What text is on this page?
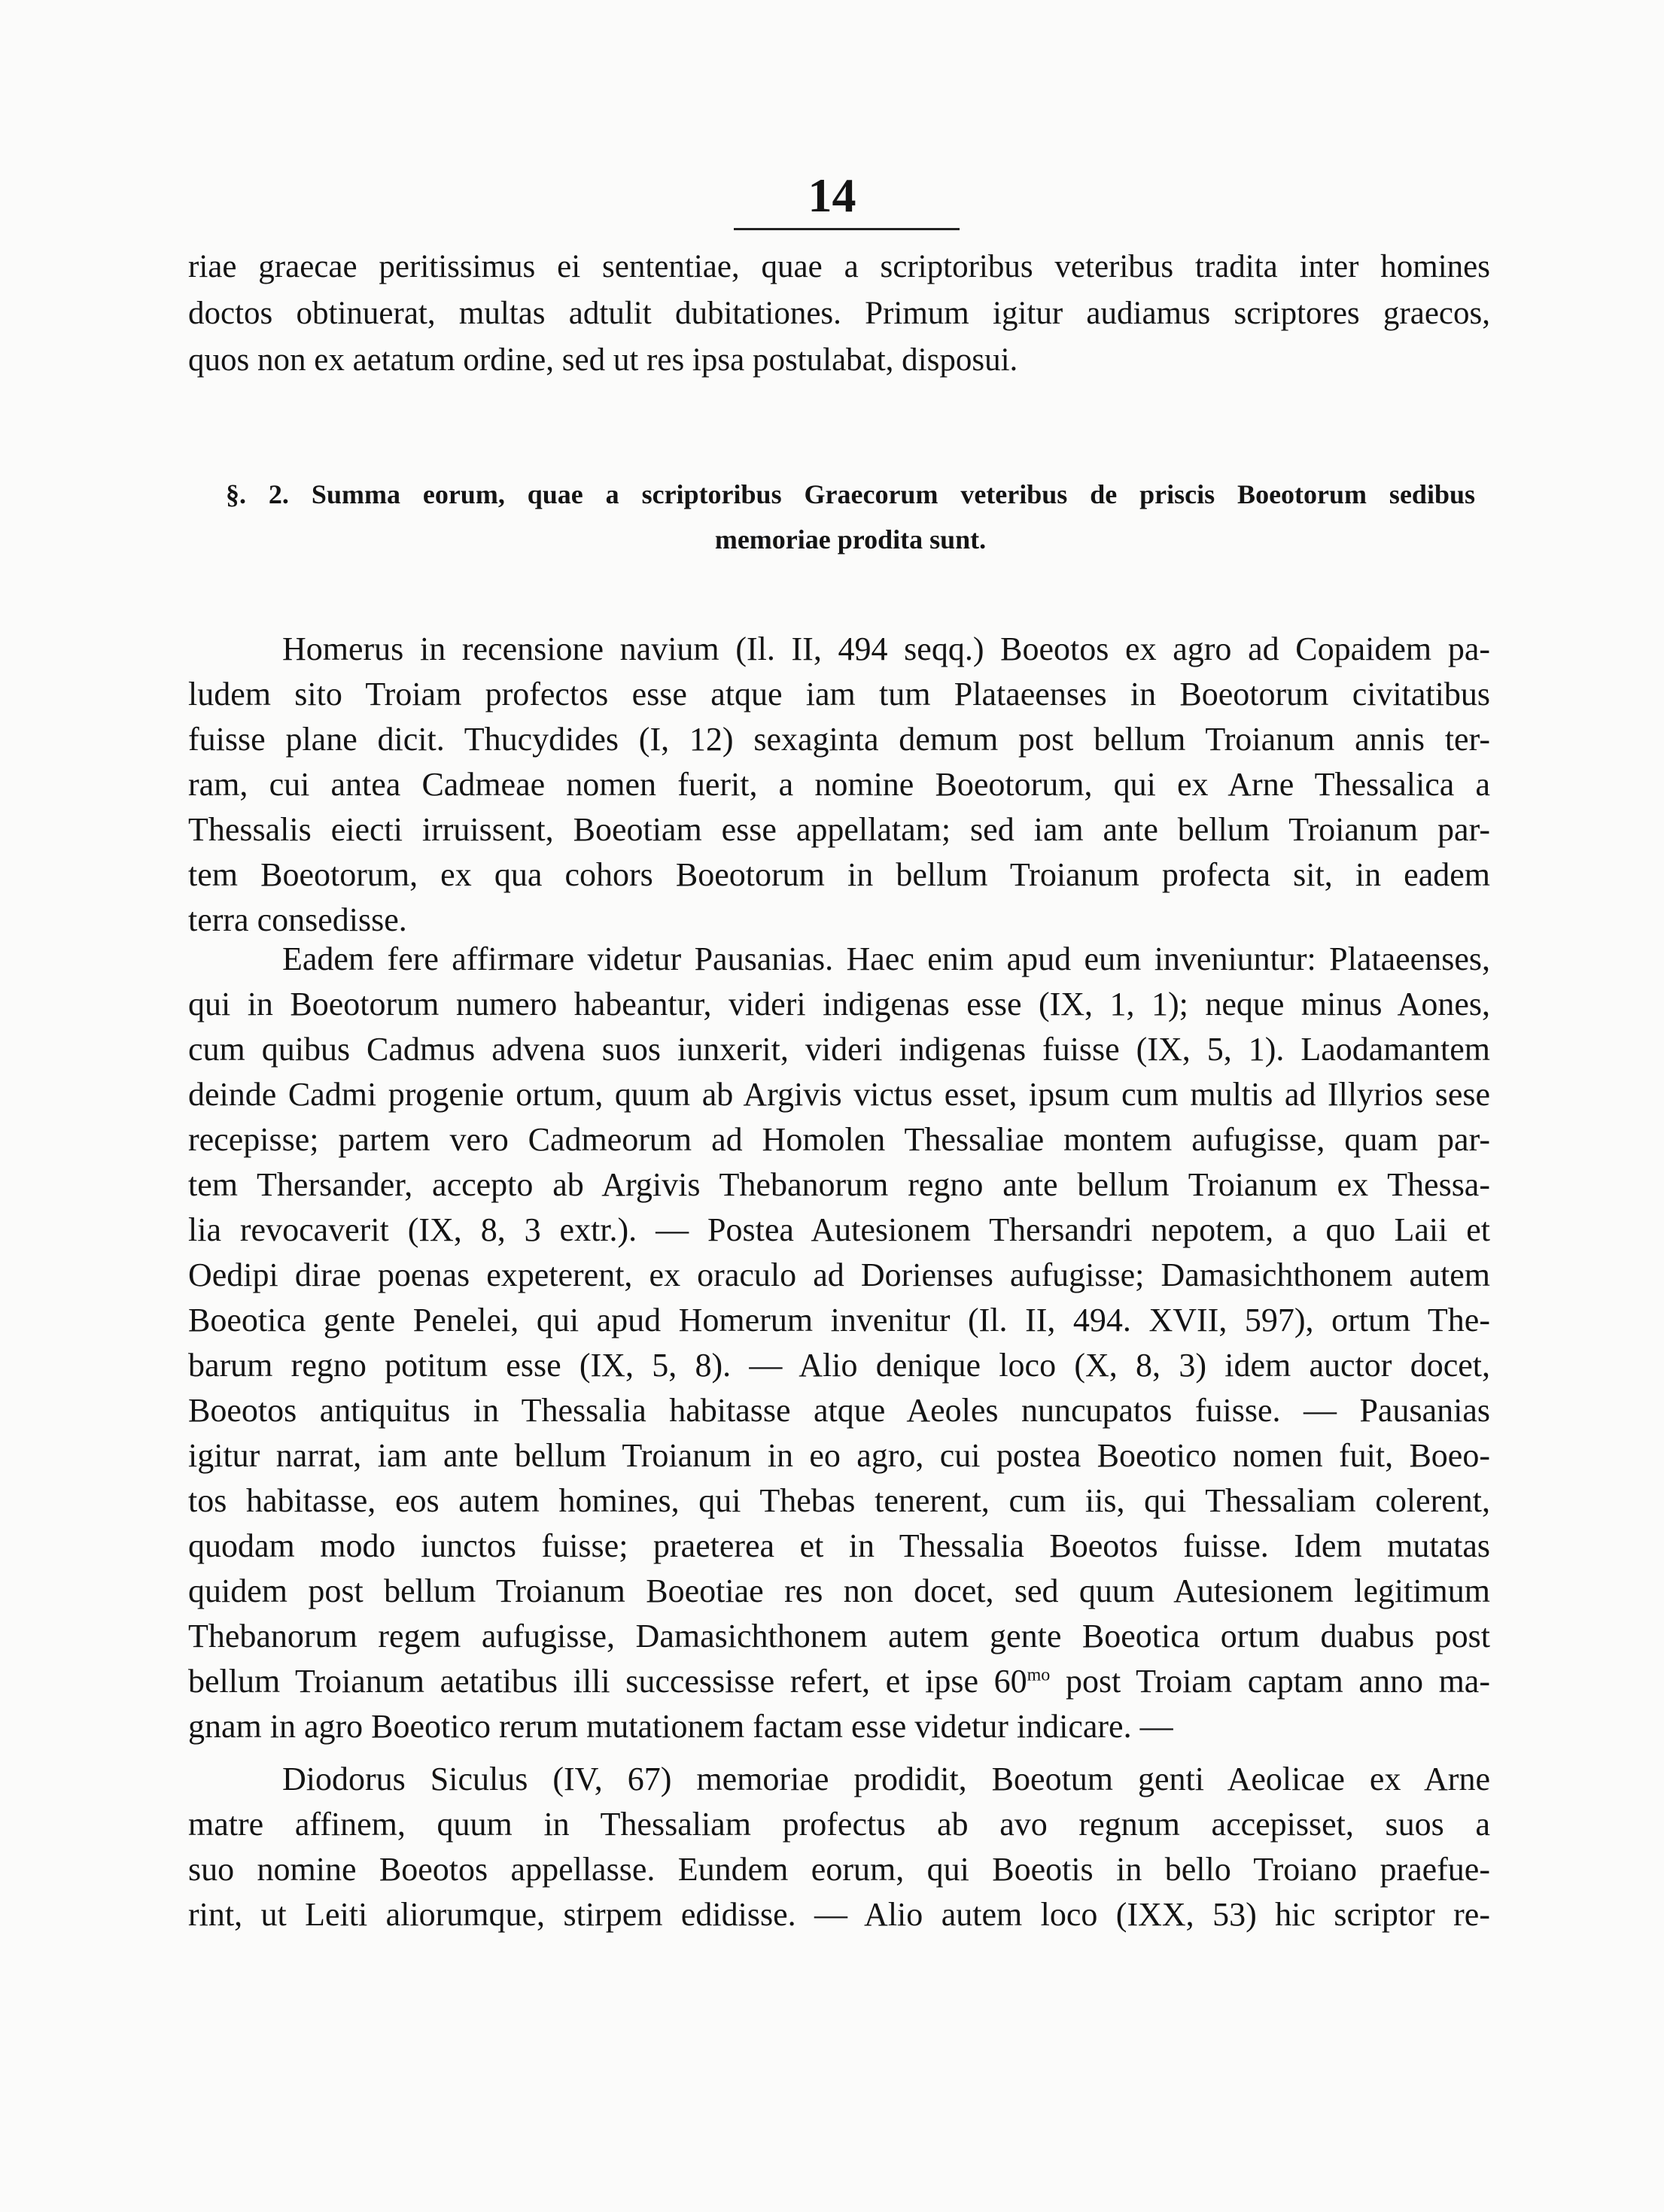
14
riae graecae peritissimus ei sententiae, quae a scriptoribus veteribus tradita inter homines
doctos obtinuerat, multas adtulit dubitationes. Primum igitur audiamus scriptores graecos,
quos non ex aetatum ordine, sed ut res ipsa postulabat, disposui.
§. 2. Summa eorum, quae a scriptoribus Graecorum veteribus de priscis Boeotorum sedibus
memoriae prodita sunt.
Homerus in recensione navium (Il. II, 494 seqq.) Boeotos ex agro ad Copaidem pa-
ludem sito Troiam profectos esse atque iam tum Plataeenses in Boeotorum civitatibus
fuisse plane dicit. Thucydides (I, 12) sexaginta demum post bellum Troianum annis ter-
ram, cui antea Cadmeae nomen fuerit, a nomine Boeotorum, qui ex Arne Thessalica a
Thessalis eiecti irruissent, Boeotiam esse appellatam; sed iam ante bellum Troianum par-
tem Boeotorum, ex qua cohors Boeotorum in bellum Troianum profecta sit, in eadem
terra consedisse.
Eadem fere affirmare videtur Pausanias. Haec enim apud eum inveniuntur: Plataeenses,
qui in Boeotorum numero habeantur, videri indigenas esse (IX, 1, 1); neque minus Aones,
cum quibus Cadmus advena suos iunxerit, videri indigenas fuisse (IX, 5, 1). Laodamantem
deinde Cadmi progenie ortum, quum ab Argivis victus esset, ipsum cum multis ad Illyrios sese
recepisse; partem vero Cadmeorum ad Homolen Thessaliae montem aufugisse, quam par-
tem Thersander, accepto ab Argivis Thebanorum regno ante bellum Troianum ex Thessa-
lia revocaverit (IX, 8, 3 extr.). — Postea Autesionem Thersandri nepotem, a quo Laii et
Oedipi dirae poenas expeterent, ex oraculo ad Dorienses aufugisse; Damasichthonem autem
Boeotica gente Penelei, qui apud Homerum invenitur (Il. II, 494. XVII, 597), ortum The-
barum regno potitum esse (IX, 5, 8). — Alio denique loco (X, 8, 3) idem auctor docet,
Boeotos antiquitus in Thessalia habitasse atque Aeoles nuncupatos fuisse. — Pausanias
igitur narrat, iam ante bellum Troianum in eo agro, cui postea Boeotico nomen fuit, Boeo-
tos habitasse, eos autem homines, qui Thebas tenerent, cum iis, qui Thessaliam colerent,
quodam modo iunctos fuisse; praeterea et in Thessalia Boeotos fuisse. Idem mutatas
quidem post bellum Troianum Boeotiae res non docet, sed quum Autesionem legitimum
Thebanorum regem aufugisse, Damasichthonem autem gente Boeotica ortum duabus post
bellum Troianum aetatibus illi successisse refert, et ipse $60^{mo}$ post Troiam captam anno ma-
gnam in agro Boeotico rerum mutationem factam esse videtur indicare. —
Diodorus Siculus (IV, 67) memoriae prodidit, Boeotum genti Aeolicae ex Arne
matre affinem, quum in Thessaliam profectus ab avo regnum accepisset, suos a
suo nomine Boeotos appellasse. Eundem eorum, qui Boeotis in bello Troiano praefue-
rint, ut Leiti aliorumque, stirpem edidisse. — Alio autem loco (IXX, 53) hic scriptor re-
